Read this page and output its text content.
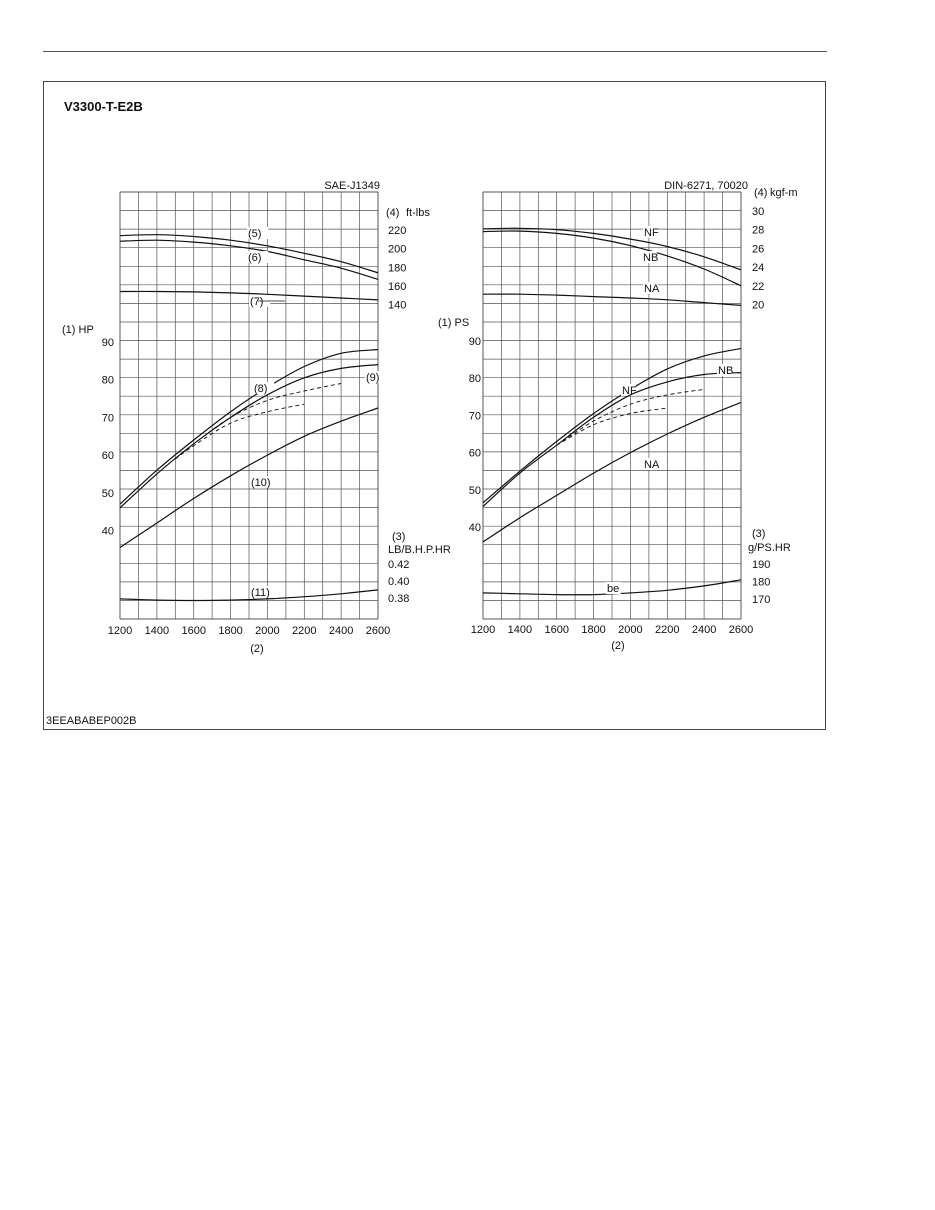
V3300-T-E2B
3EEABABEP002B
SAE-J1349
1200 1400 1600 1800 2000 2200 2400 2600
(2)
(1) HP
90
80
70
60
50
40
(4) ft-lbs
220
200
180
160
140
(3)
LB/B.H.P.HR
0.42
0.40
0.38
(5)
(6)
(7)
(8)
(9)
(10)
(11)
DIN-6271, 70020
1200 1400 1600 1800 2000 2200 2400 2600
(2)
(1) PS
90
80
70
60
50
40
(4) kgf-m
30
28
26
24
22
20
(3)
g/PS.HR
190
180
170
NF
NB
NA
NF
NB
NA
be
